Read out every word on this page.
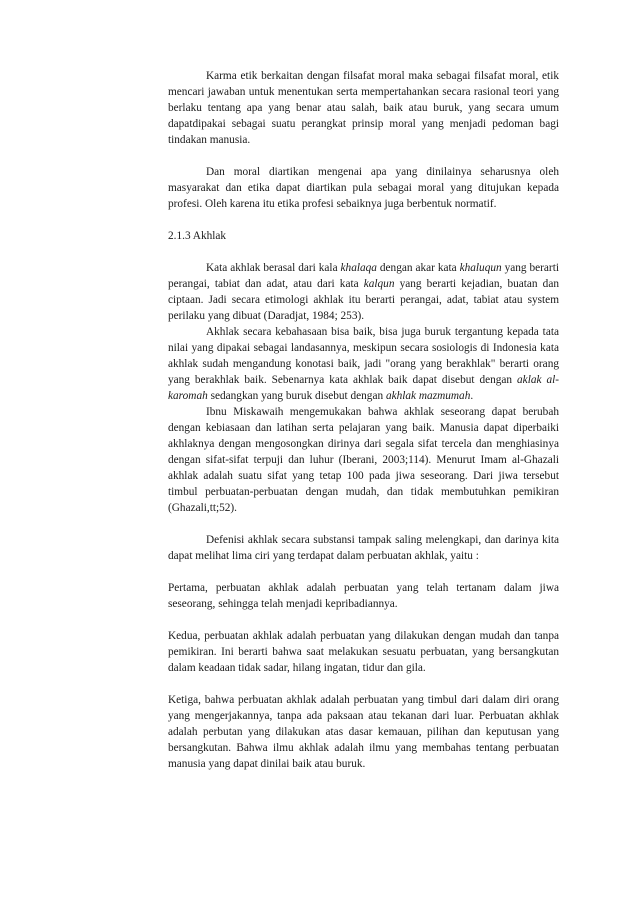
Karma etik berkaitan dengan filsafat moral maka sebagai filsafat moral, etik mencari jawaban untuk menentukan serta mempertahankan secara rasional teori yang berlaku tentang apa yang benar atau salah, baik atau buruk, yang secara umum dapatdipakai sebagai suatu perangkat prinsip moral yang menjadi pedoman bagi tindakan manusia.

Dan moral diartikan mengenai apa yang dinilainya seharusnya oleh masyarakat dan etika dapat diartikan pula sebagai moral yang ditujukan kepada profesi. Oleh karena itu etika profesi sebaiknya juga berbentuk normatif.

2.1.3 Akhlak

Kata akhlak berasal dari kala khalaqa dengan akar kata khaluqun yang berarti perangai, tabiat dan adat, atau dari kata kalqun yang berarti kejadian, buatan dan ciptaan. Jadi secara etimologi akhlak itu berarti perangai, adat, tabiat atau system perilaku yang dibuat (Daradjat, 1984; 253).

Akhlak secara kebahasaan bisa baik, bisa juga buruk tergantung kepada tata nilai yang dipakai sebagai landasannya, meskipun secara sosiologis di Indonesia kata akhlak sudah mengandung konotasi baik, jadi "orang yang berakhlak" berarti orang yang berakhlak baik. Sebenarnya kata akhlak baik dapat disebut dengan aklak al-karomah sedangkan yang buruk disebut dengan akhlak mazmumah.

Ibnu Miskawaih mengemukakan bahwa akhlak seseorang dapat berubah dengan kebiasaan dan latihan serta pelajaran yang baik. Manusia dapat diperbaiki akhlaknya dengan mengosongkan dirinya dari segala sifat tercela dan menghiasinya dengan sifat-sifat terpuji dan luhur (Iberani, 2003;114). Menurut Imam al-Ghazali akhlak adalah suatu sifat yang tetap 100 pada jiwa seseorang. Dari jiwa tersebut timbul perbuatan-perbuatan dengan mudah, dan tidak membutuhkan pemikiran (Ghazali,tt;52).

Defenisi akhlak secara substansi tampak saling melengkapi, dan darinya kita dapat melihat lima ciri yang terdapat dalam perbuatan akhlak, yaitu :

Pertama, perbuatan akhlak adalah perbuatan yang telah tertanam dalam jiwa seseorang, sehingga telah menjadi kepribadiannya.

Kedua, perbuatan akhlak adalah perbuatan yang dilakukan dengan mudah dan tanpa pemikiran. Ini berarti bahwa saat melakukan sesuatu perbuatan, yang bersangkutan dalam keadaan tidak sadar, hilang ingatan, tidur dan gila.

Ketiga, bahwa perbuatan akhlak adalah perbuatan yang timbul dari dalam diri orang yang mengerjakannya, tanpa ada paksaan atau tekanan dari luar. Perbuatan akhlak adalah perbutan yang dilakukan atas dasar kemauan, pilihan dan keputusan yang bersangkutan. Bahwa ilmu akhlak adalah ilmu yang membahas tentang perbuatan manusia yang dapat dinilai baik atau buruk.
